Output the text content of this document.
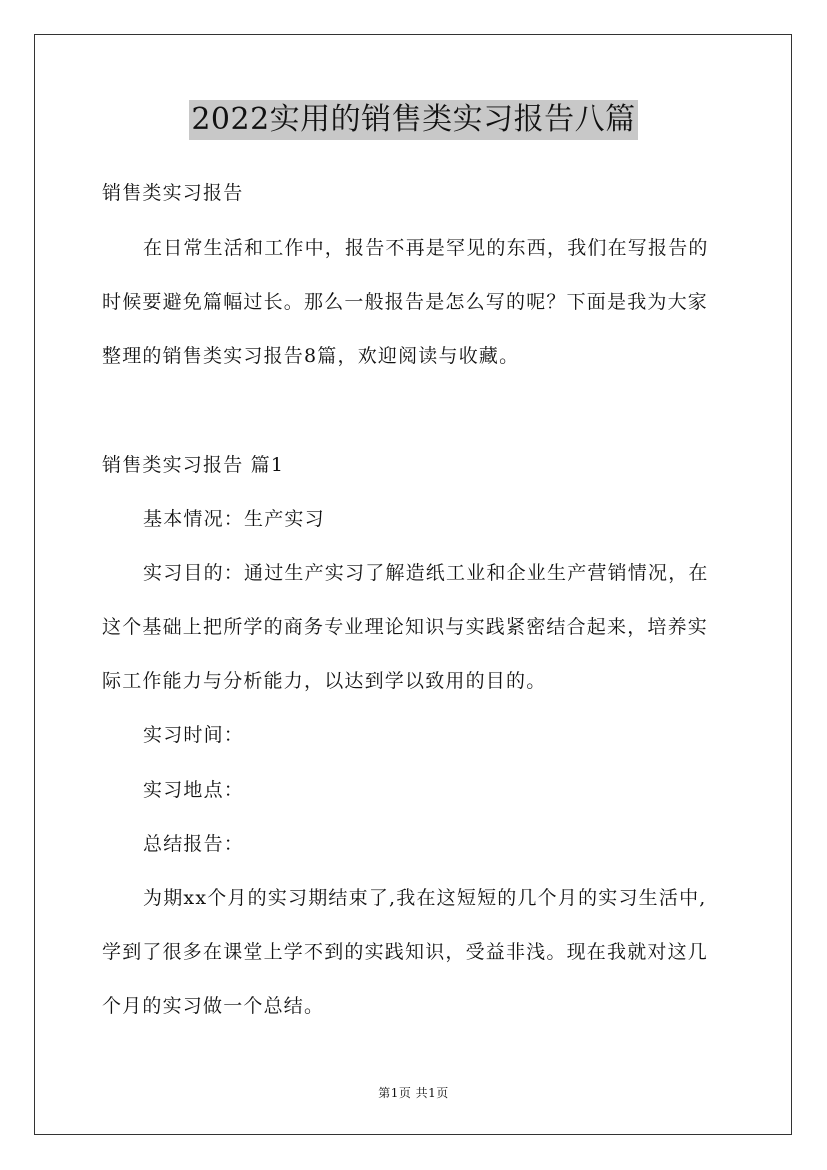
2022实用的销售类实习报告八篇
销售类实习报告
在日常生活和工作中，报告不再是罕见的东西，我们在写报告的
时候要避免篇幅过长。那么一般报告是怎么写的呢？下面是我为大家
整理的销售类实习报告8篇，欢迎阅读与收藏。
销售类实习报告 篇1
基本情况：生产实习
实习目的：通过生产实习了解造纸工业和企业生产营销情况，在
这个基础上把所学的商务专业理论知识与实践紧密结合起来，培养实
际工作能力与分析能力，以达到学以致用的目的。
实习时间：
实习地点：
总结报告：
为期xx个月的实习期结束了,我在这短短的几个月的实习生活中,
学到了很多在课堂上学不到的实践知识，受益非浅。现在我就对这几
个月的实习做一个总结。
第1页 共1页
